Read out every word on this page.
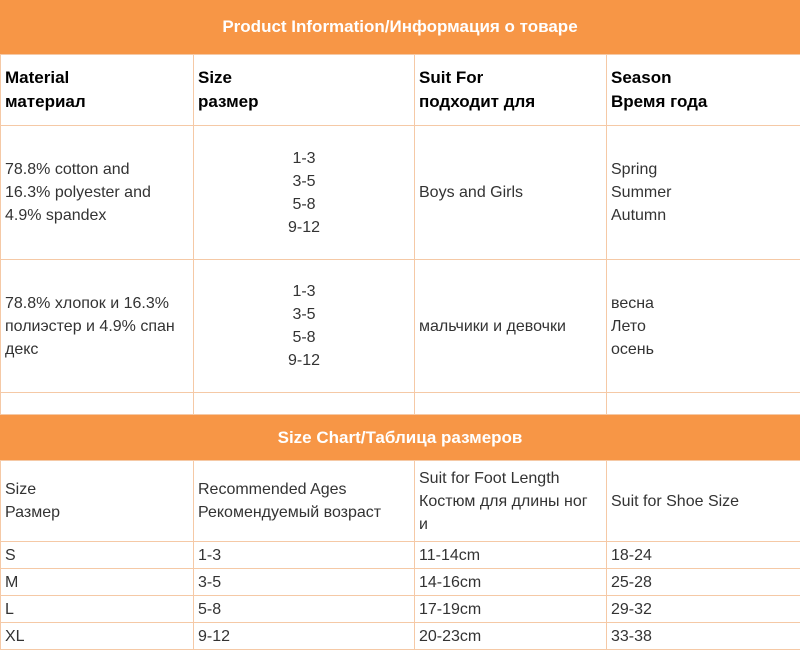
Product Information/Информация о товаре
Material
материал	Size
размер	Suit For
подходит для	Season
Время года

78.8% cotton and
16.3% polyester and
4.9% spandex	1-3
3-5
5-8
9-12	Boys and Girls	Spring
Summer
Autumn

78.8% хлопок и 16.3%
полиэстер и 4.9% спан
декс	1-3
3-5
5-8
9-12	мальчики и девочки	весна
Лето
осень

Size Chart/Таблица размеров
Size
Размер	Recommended Ages
Рекомендуемый возраст	Suit for Foot Length
Костюм для длины ног
и	Suit for Shoe Size

S	1-3	11-14cm	18-24
M	3-5	14-16cm	25-28
L	5-8	17-19cm	29-32
XL	9-12	20-23cm	33-38
